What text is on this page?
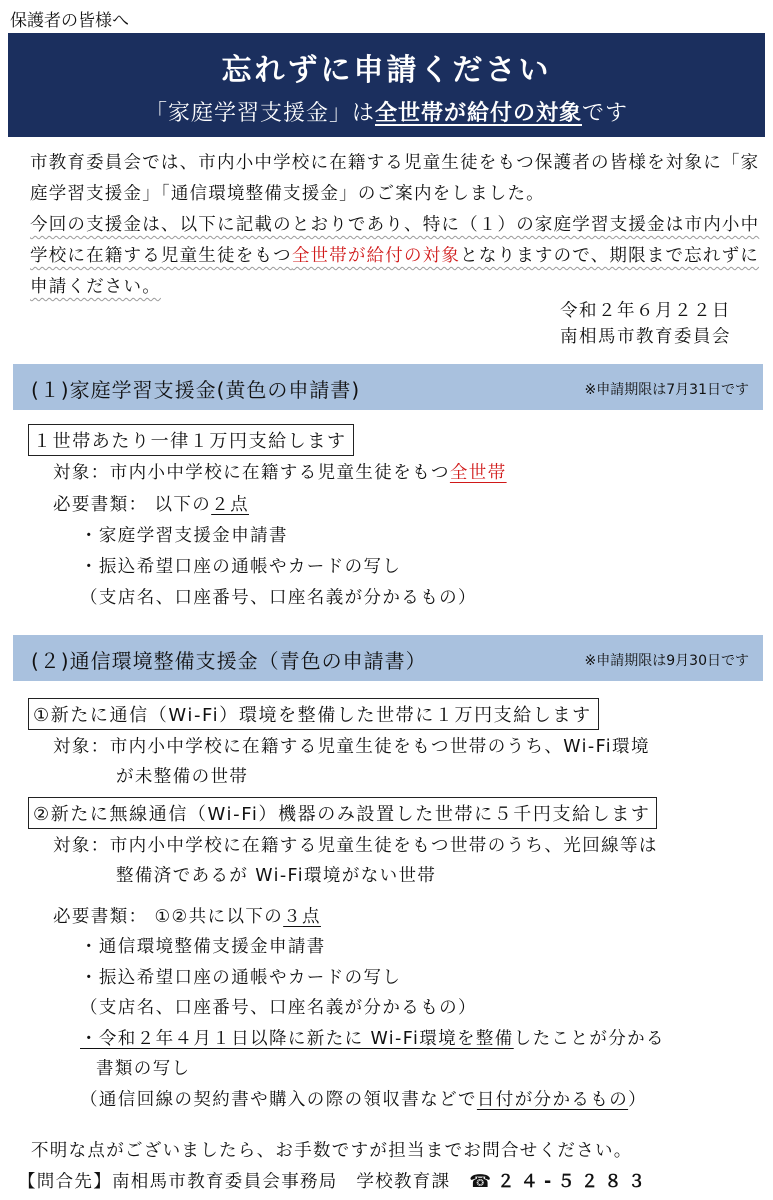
保護者の皆様へ
忘れずに申請ください
「家庭学習支援金」は全世帯が給付の対象です

市教育委員会では、市内小中学校に在籍する児童生徒をもつ保護者の皆様を対象に「家庭学習支援金」「通信環境整備支援金」のご案内をしました。

今回の支援金は、以下に記載のとおりであり、特に（１）の家庭学習支援金は市内小中学校に在籍する児童生徒をもつ全世帯が給付の対象となりますので、期限まで忘れずに申請ください。

令和２年６月２２日
南相馬市教育委員会
(１)家庭学習支援金(黄色の申請書)	※申請期限は7月31日です
１世帯あたり一律１万円支給します
対象：市内小中学校に在籍する児童生徒をもつ全世帯
必要書類： 以下の２点
・家庭学習支援金申請書
・振込希望口座の通帳やカードの写し
（支店名、口座番号、口座名義が分かるもの）
(２)通信環境整備支援金（青色の申請書）	※申請期限は9月30日です
①新たに通信（Wi-Fi）環境を整備した世帯に１万円支給します
対象：市内小中学校に在籍する児童生徒をもつ世帯のうち、Wi-Fi環境
が未整備の世帯
②新たに無線通信（Wi-Fi）機器のみ設置した世帯に５千円支給します
対象：市内小中学校に在籍する児童生徒をもつ世帯のうち、光回線等は
整備済であるが Wi-Fi環境がない世帯
必要書類： ①②共に以下の３点
・通信環境整備支援金申請書
・振込希望口座の通帳やカードの写し
（支店名、口座番号、口座名義が分かるもの）
・令和２年４月１日以降に新たに Wi-Fi環境を整備したことが分かる
書類の写し
（通信回線の契約書や購入の際の領収書などで日付が分かるもの）
不明な点がございましたら、お手数ですが担当までお問合せください。
【問合先】南相馬市教育委員会事務局　学校教育課　 ☎２４-５２８３
